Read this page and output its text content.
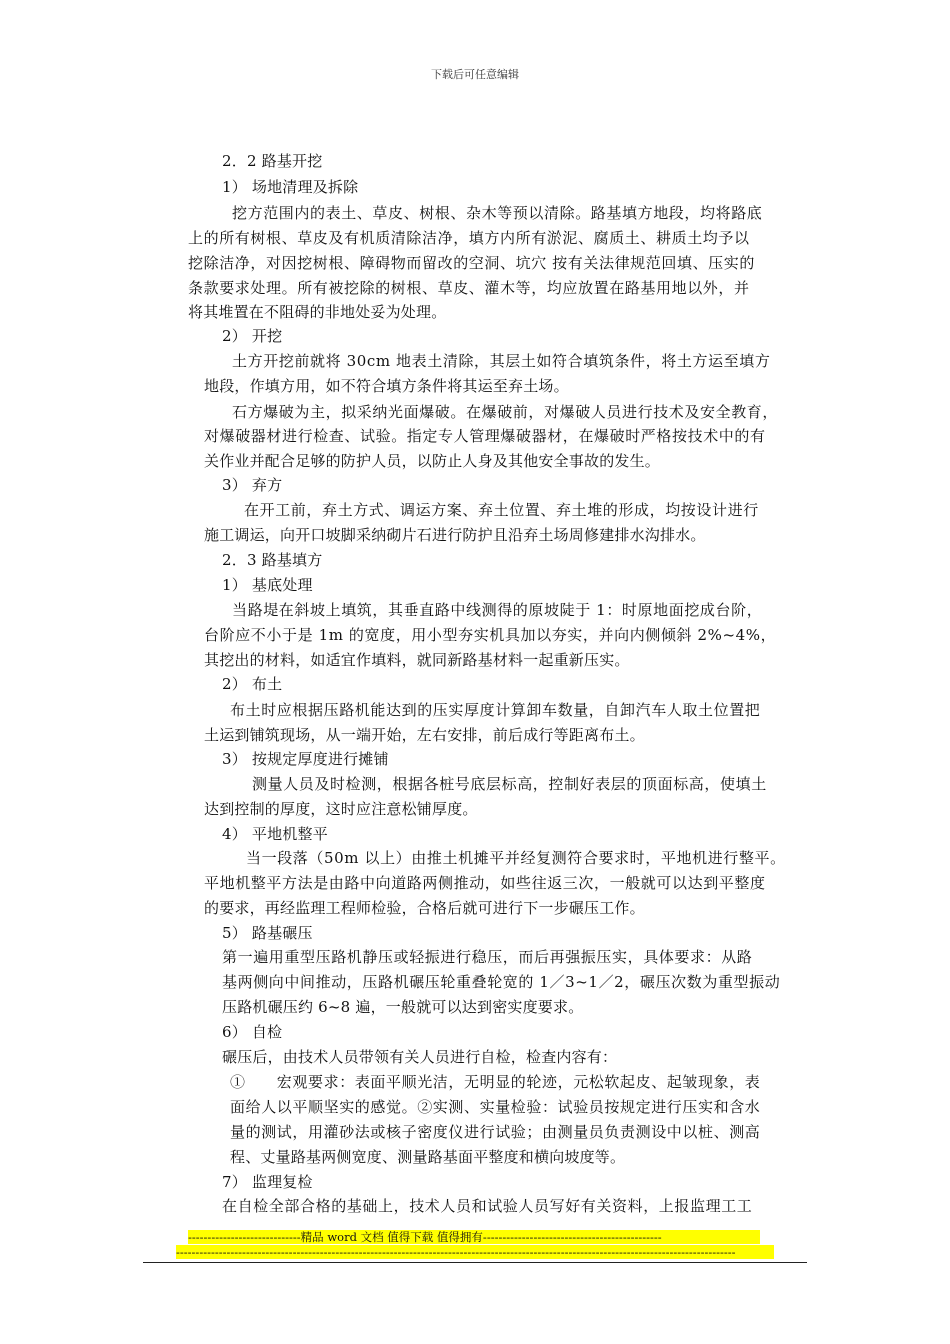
下载后可任意编辑
2．2 路基开挖
1） 场地清理及拆除
挖方范围内的表土、草皮、树根、杂木等预以清除。路基填方地段，均将路底
上的所有树根、草皮及有机质清除洁净，填方内所有淤泥、腐质土、耕质土均予以
挖除洁净，对因挖树根、障碍物而留改的空洞、坑穴 按有关法律规范回填、压实的
条款要求处理。所有被挖除的树根、草皮、灌木等，均应放置在路基用地以外，并
将其堆置在不阻碍的非地处妥为处理。
2） 开挖
土方开挖前就将 30cm 地表土清除，其层土如符合填筑条件，将土方运至填方
地段，作填方用，如不符合填方条件将其运至弃土场。
石方爆破为主，拟采纳光面爆破。在爆破前，对爆破人员进行技术及安全教育，
对爆破器材进行检查、试验。指定专人管理爆破器材，在爆破时严格按技术中的有
关作业并配合足够的防护人员，以防止人身及其他安全事故的发生。
3） 弃方
在开工前，弃土方式、调运方案、弃土位置、弃土堆的形成，均按设计进行
施工调运，向开口坡脚采纳砌片石进行防护且沿弃土场周修建排水沟排水。
2．3 路基填方
1） 基底处理
当路堤在斜坡上填筑，其垂直路中线测得的原坡陡于 1：时原地面挖成台阶，
台阶应不小于是 1m 的宽度，用小型夯实机具加以夯实，并向内侧倾斜 2%~4%，
其挖出的材料，如适宜作填料，就同新路基材料一起重新压实。
2） 布土
布土时应根据压路机能达到的压实厚度计算卸车数量，自卸汽车人取土位置把
土运到铺筑现场，从一端开始，左右安排，前后成行等距离布土。
3） 按规定厚度进行摊铺
测量人员及时检测，根据各桩号底层标高，控制好表层的顶面标高，使填土
达到控制的厚度，这时应注意松铺厚度。
4） 平地机整平
当一段落（50m 以上）由推土机摊平并经复测符合要求时，平地机进行整平。
平地机整平方法是由路中向道路两侧推动，如些往返三次，一般就可以达到平整度
的要求，再经监理工程师检验，合格后就可进行下一步碾压工作。
5） 路基碾压
第一遍用重型压路机静压或轻振进行稳压，而后再强振压实，具体要求：从路
基两侧向中间推动，压路机碾压轮重叠轮宽的 1／3~1／2，碾压次数为重型振动
压路机碾压约 6~8 遍，一般就可以达到密实度要求。
6） 自检
碾压后，由技术人员带领有关人员进行自检，检查内容有：
①　　宏观要求：表面平顺光洁，无明显的轮迹，元松软起皮、起皱现象，表
面给人以平顺坚实的感觉。②实测、实量检验：试验员按规定进行压实和含水
量的测试，用灌砂法或核子密度仪进行试验；由测量员负责测设中以桩、测高
程、丈量路基两侧宽度、测量路基面平整度和横向坡度等。
7） 监理复检
在自检全部合格的基础上，技术人员和试验人员写好有关资料，上报监理工工
-----------------------------精品 word 文档 值得下载 值得拥有----------------------------------------------
------------------------------------------------------------------------------------------------------------------------------------------------
